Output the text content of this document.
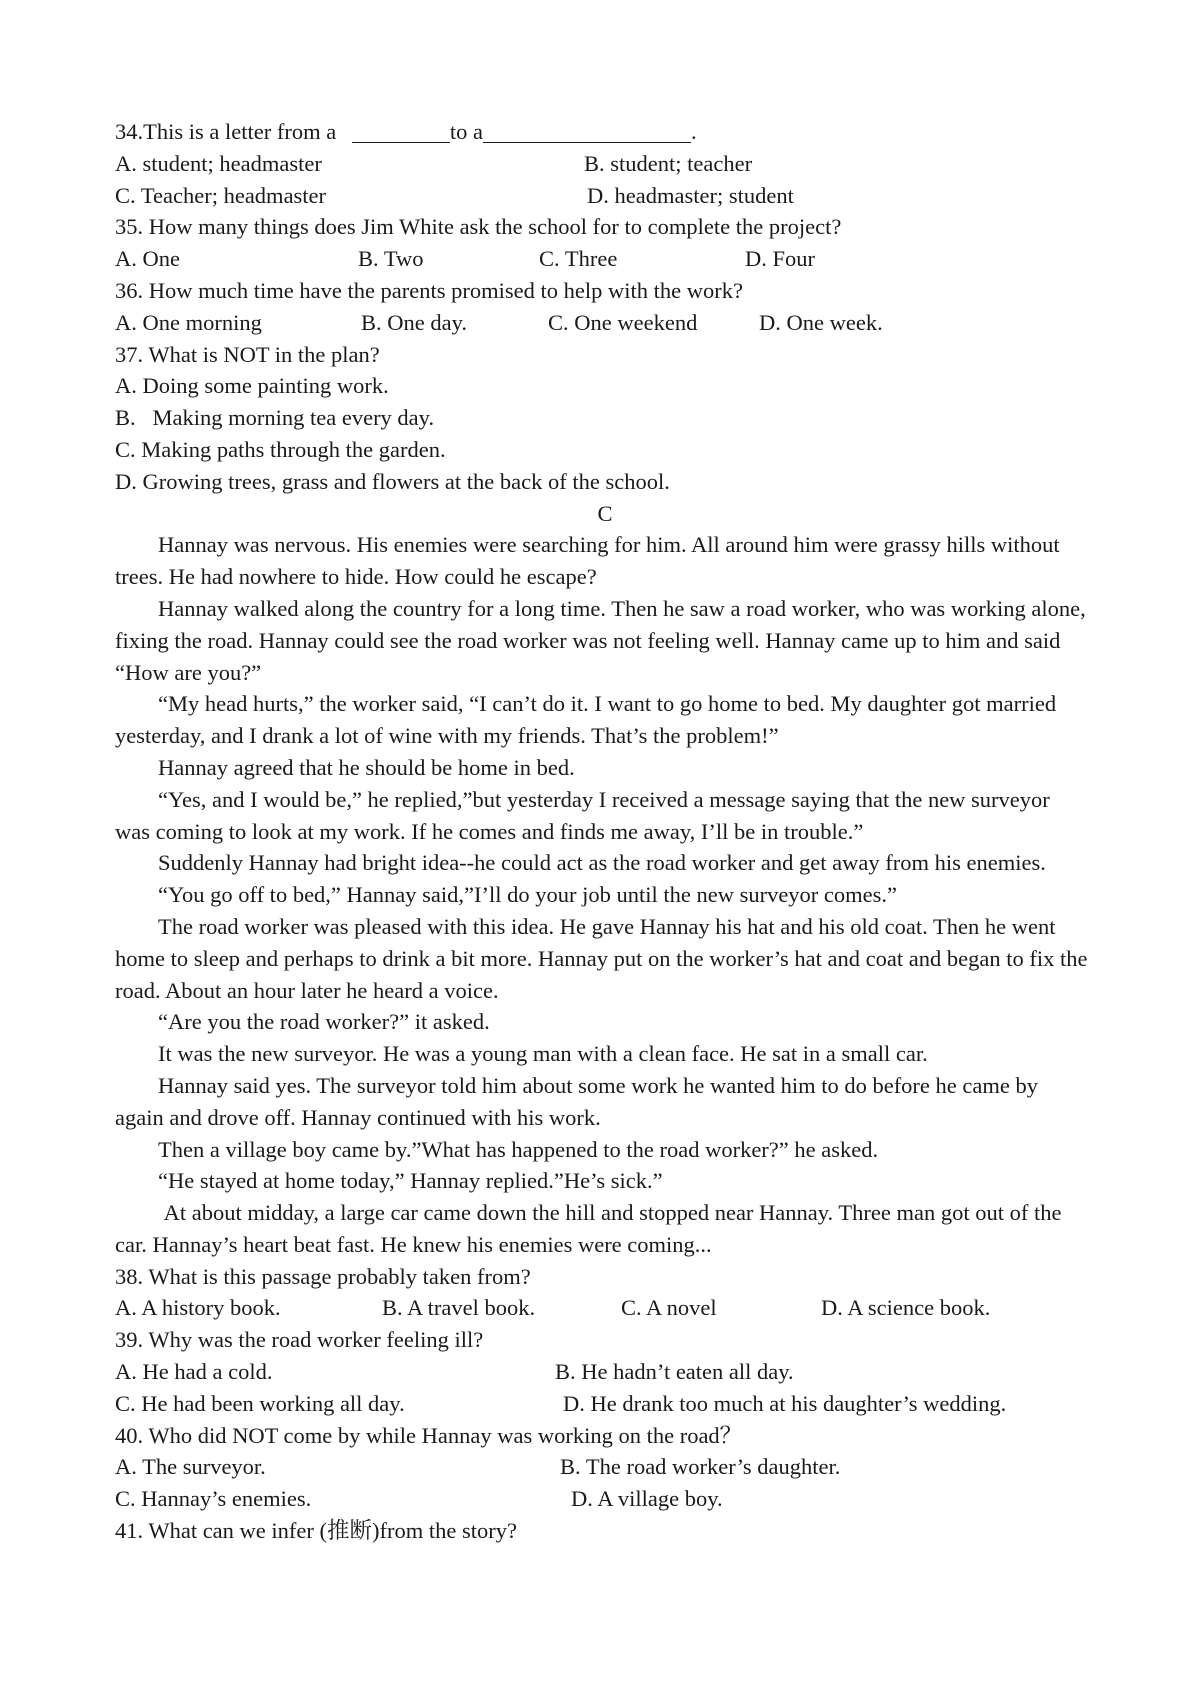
34.This is a letter from a	to a	.
A. student; headmaster	B. student; teacher
C. Teacher; headmaster	D. headmaster; student
35. How many things does Jim White ask the school for to complete the project?
A. One	B. Two	C. Three	D. Four
36. How much time have the parents promised to help with the work?
A. One morning	B. One day.	C. One weekend	D. One week.
37. What is NOT in the plan?
A. Doing some painting work.
B.   Making morning tea every day.
C. Making paths through the garden.
D. Growing trees, grass and flowers at the back of the school.
C

Hannay was nervous. His enemies were searching for him. All around him were grassy hills without trees. He had nowhere to hide. How could he escape?

Hannay walked along the country for a long time. Then he saw a road worker, who was working alone, fixing the road. Hannay could see the road worker was not feeling well. Hannay came up to him and said “How are you?”

“My head hurts,” the worker said, “I can’t do it. I want to go home to bed. My daughter got married yesterday, and I drank a lot of wine with my friends. That’s the problem!”

Hannay agreed that he should be home in bed.

“Yes, and I would be,” he replied,”but yesterday I received a message saying that the new surveyor was coming to look at my work. If he comes and finds me away, I’ll be in trouble.”

Suddenly Hannay had bright idea--he could act as the road worker and get away from his enemies.

“You go off to bed,” Hannay said,”I’ll do your job until the new surveyor comes.”

The road worker was pleased with this idea. He gave Hannay his hat and his old coat. Then he went home to sleep and perhaps to drink a bit more. Hannay put on the worker’s hat and coat and began to fix the road. About an hour later he heard a voice.

“Are you the road worker?” it asked.

It was the new surveyor. He was a young man with a clean face. He sat in a small car.

Hannay said yes. The surveyor told him about some work he wanted him to do before he came by again and drove off. Hannay continued with his work.

Then a village boy came by.”What has happened to the road worker?” he asked.

“He stayed at home today,” Hannay replied.”He’s sick.”

At about midday, a large car came down the hill and stopped near Hannay. Three man got out of the car. Hannay’s heart beat fast. He knew his enemies were coming...

38. What is this passage probably taken from?
A. A history book.	B. A travel book.	C. A novel	D. A science book.
39. Why was the road worker feeling ill?
A. He had a cold.	B. He hadn’t eaten all day.
C. He had been working all day.	D. He drank too much at his daughter’s wedding.
40. Who did NOT come by while Hannay was working on the road？
A. The surveyor.	B. The road worker’s daughter.
C. Hannay’s enemies.	D. A village boy.
41. What can we infer (推断)from the story?
